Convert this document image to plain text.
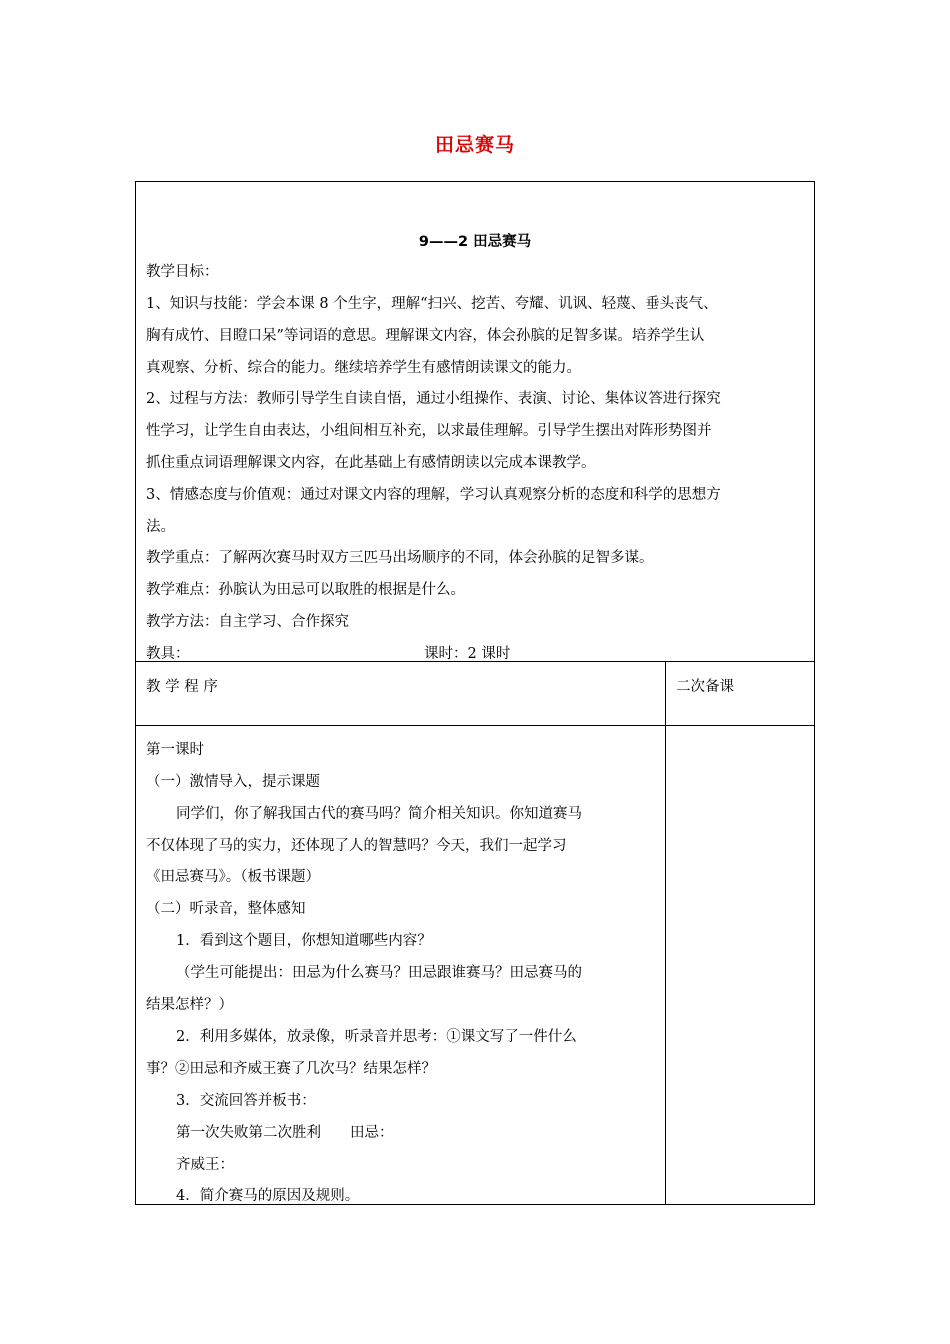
田忌赛马
9——2 田忌赛马
教学目标：
1、知识与技能：学会本课 8 个生字，理解“扫兴、挖苦、夸耀、讥讽、轻蔑、垂头丧气、
胸有成竹、目瞪口呆”等词语的意思。理解课文内容，体会孙膑的足智多谋。培养学生认
真观察、分析、综合的能力。继续培养学生有感情朗读课文的能力。
2、过程与方法：教师引导学生自读自悟，通过小组操作、表演、讨论、集体议答进行探究
性学习，让学生自由表达，小组间相互补充，以求最佳理解。引导学生摆出对阵形势图并
抓住重点词语理解课文内容，在此基础上有感情朗读以完成本课教学。
3、情感态度与价值观：通过对课文内容的理解，学习认真观察分析的态度和科学的思想方
法。
教学重点：了解两次赛马时双方三匹马出场顺序的不同，体会孙膑的足智多谋。
教学难点：孙膑认为田忌可以取胜的根据是什么。
教学方法：自主学习、合作探究
教具：	课时：2 课时
教 学 程 序	二次备课
第一课时
（一）激情导入，提示课题
同学们，你了解我国古代的赛马吗？简介相关知识。你知道赛马
不仅体现了马的实力，还体现了人的智慧吗？今天，我们一起学习
《田忌赛马》。（板书课题）
（二）听录音，整体感知
1．看到这个题目，你想知道哪些内容？
（学生可能提出：田忌为什么赛马？田忌跟谁赛马？田忌赛马的
结果怎样？）
2．利用多媒体，放录像，听录音并思考：①课文写了一件什么
事？②田忌和齐威王赛了几次马？结果怎样？
3．交流回答并板书：
第一次失败第二次胜利　　田忌：
齐威王：
4．简介赛马的原因及规则。
